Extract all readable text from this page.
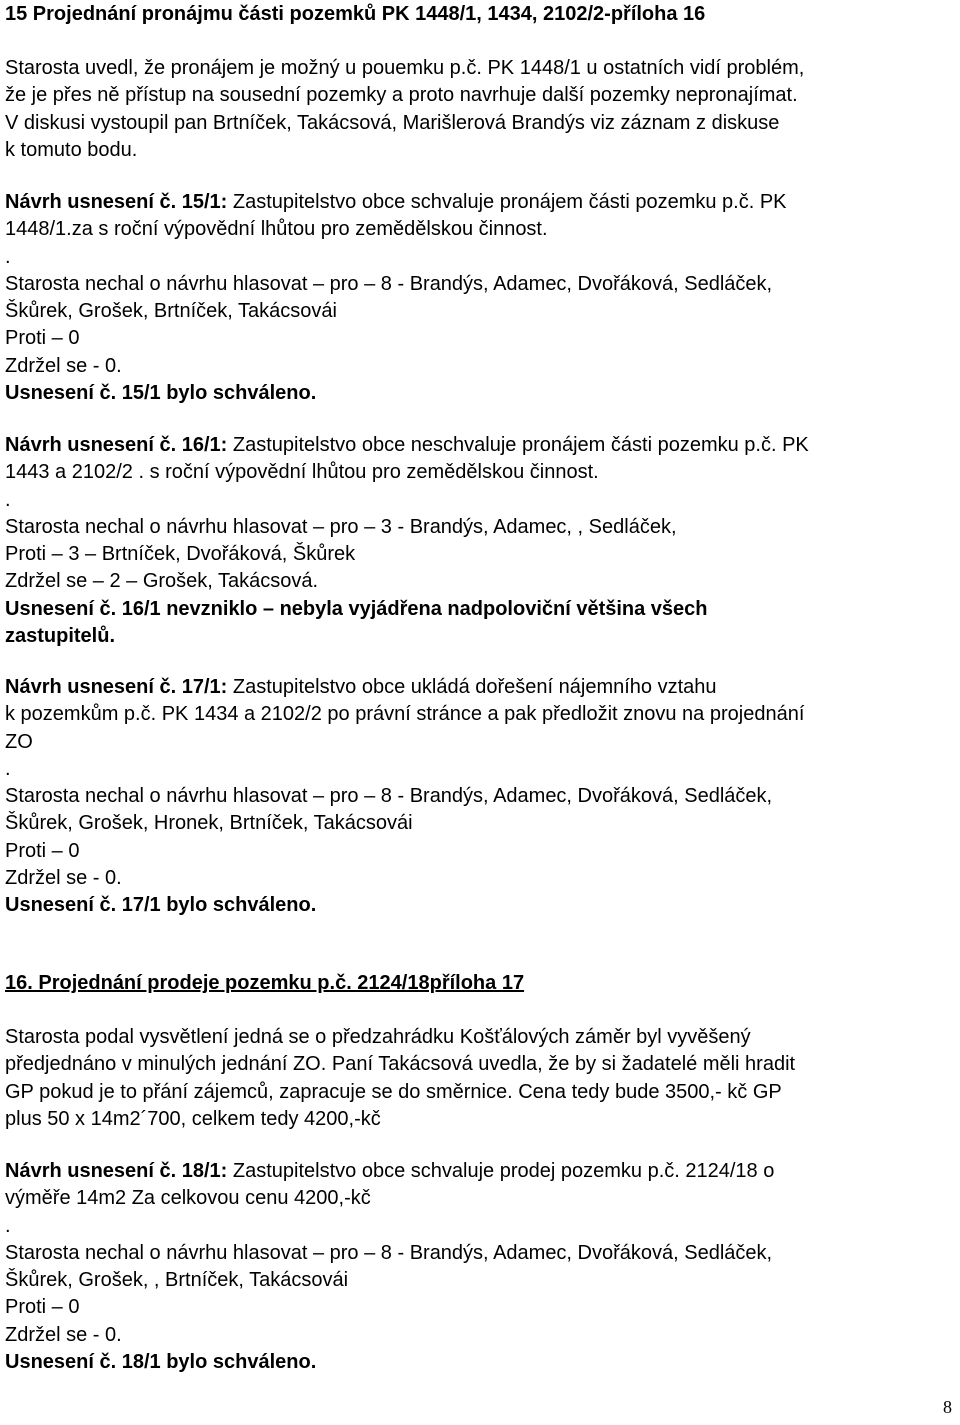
15 Projednání pronájmu části pozemků PK 1448/1, 1434, 2102/2-příloha 16
Starosta uvedl, že pronájem je možný u pouemku p.č. PK 1448/1 u ostatních vidí problém,
že je přes ně přístup na sousední pozemky a proto navrhuje další pozemky nepronajímat.
V diskusi vystoupil pan Brtníček, Takácsová, Marišlerová Brandýs viz záznam z diskuse
k tomuto bodu.
Návrh usnesení č. 15/1: Zastupitelstvo obce schvaluje pronájem části pozemku p.č. PK
1448/1.za s roční výpovědní lhůtou pro zemědělskou činnost.
.
Starosta nechal o návrhu hlasovat – pro – 8 - Brandýs, Adamec, Dvořáková, Sedláček,
Škůrek, Grošek, Brtníček, Takácsovái
Proti – 0
Zdržel se - 0.
Usnesení č. 15/1 bylo schváleno.
Návrh usnesení č. 16/1: Zastupitelstvo obce neschvaluje pronájem části pozemku p.č. PK
1443 a 2102/2 . s roční výpovědní lhůtou pro zemědělskou činnost.
.
Starosta nechal o návrhu hlasovat – pro – 3 - Brandýs, Adamec, , Sedláček,
Proti – 3 – Brtníček, Dvořáková, Škůrek
Zdržel se – 2 – Grošek, Takácsová.
Usnesení č. 16/1 nevzniklo – nebyla vyjádřena nadpoloviční většina všech
zastupitelů.
Návrh usnesení č. 17/1: Zastupitelstvo obce ukládá dořešení nájemního vztahu
k pozemkům p.č. PK 1434 a 2102/2 po právní stránce a pak předložit znovu na projednání
ZO
.
Starosta nechal o návrhu hlasovat – pro – 8 - Brandýs, Adamec, Dvořáková, Sedláček,
Škůrek, Grošek, Hronek, Brtníček, Takácsovái
Proti – 0
Zdržel se - 0.
Usnesení č. 17/1 bylo schváleno.
16. Projednání prodeje pozemku p.č. 2124/18příloha 17
Starosta podal vysvětlení jedná se o předzahrádku Košťálových záměr byl vyvěšený
předjednáno v minulých jednání ZO. Paní Takácsová uvedla, že by si žadatelé měli hradit
GP pokud je to přání zájemců, zapracuje se do směrnice. Cena tedy bude 3500,- kč GP
plus 50 x 14m2´700, celkem tedy 4200,-kč
Návrh usnesení č. 18/1: Zastupitelstvo obce schvaluje prodej pozemku p.č. 2124/18 o
výměře 14m2 Za celkovou cenu 4200,-kč
.
Starosta nechal o návrhu hlasovat – pro – 8 - Brandýs, Adamec, Dvořáková, Sedláček,
Škůrek, Grošek, , Brtníček, Takácsovái
Proti – 0
Zdržel se - 0.
Usnesení č. 18/1 bylo schváleno.
8
